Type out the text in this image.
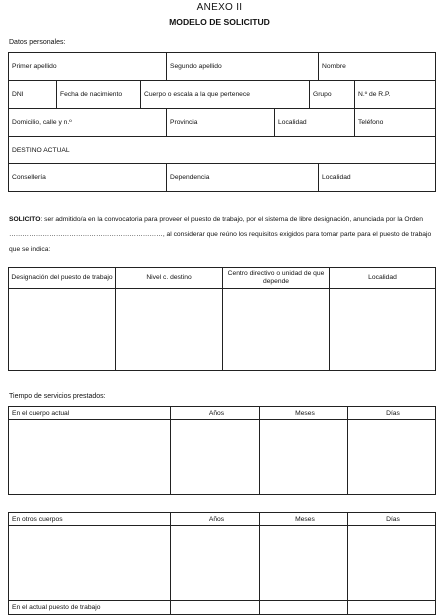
ANEXO II
MODELO DE SOLICITUD
Datos personales:
Primer apellido			Segundo apellido			Nombre	
DNI	Fecha de nacimiento	Cuerpo o escala a la que pertenece			Grupo		N.º de R.P.
Domicilio, calle y n.º			Provincia	Localidad			Teléfono
DESTINO ACTUAL							
Consellería			Dependencia			Localidad	
SOLICITO: ser admitido/a en la convocatoria para proveer el puesto de trabajo, por el sistema de libre designación, anunciada por la Orden ……………………………………………………………, al considerar que reúno los requisitos exigidos para tomar parte para el puesto de trabajo que se indica:
Designación del puesto de trabajo	Nivel c. destino	Centro directivo o unidad de que depende	Localidad

Tiempo de servicios prestados:
En el cuerpo actual	Años	Meses	Días

En otros cuerpos	Años	Meses	Días

En el actual puesto de trabajo			
